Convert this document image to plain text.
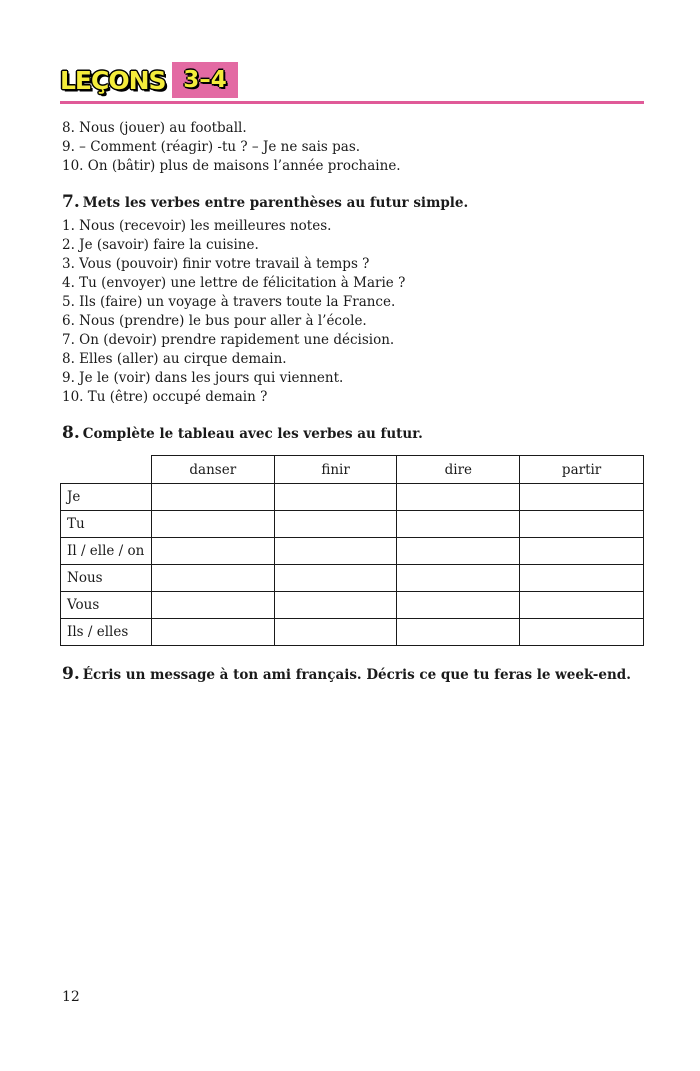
LEÇONS 3–4
8. Nous (jouer) au football.
9. – Comment (réagir) -tu ? – Je ne sais pas.
10. On (bâtir) plus de maisons l’année prochaine.
7. Mets les verbes entre parenthèses au futur simple.
1. Nous (recevoir) les meilleures notes.
2. Je (savoir) faire la cuisine.
3. Vous (pouvoir) finir votre travail à temps ?
4. Tu (envoyer) une lettre de félicitation à Marie ?
5. Ils (faire) un voyage à travers toute la France.
6. Nous (prendre) le bus pour aller à l’école.
7. On (devoir) prendre rapidement une décision.
8. Elles (aller) au cirque demain.
9. Je le (voir) dans les jours qui viennent.
10. Tu (être) occupé demain ?
8. Complète le tableau avec les verbes au futur.
	danser	finir	dire	partir
Je				
Tu				
Il / elle / on				
Nous				
Vous				
Ils / elles				
9. Écris un message à ton ami français. Décris ce que tu feras le week-end.
12
